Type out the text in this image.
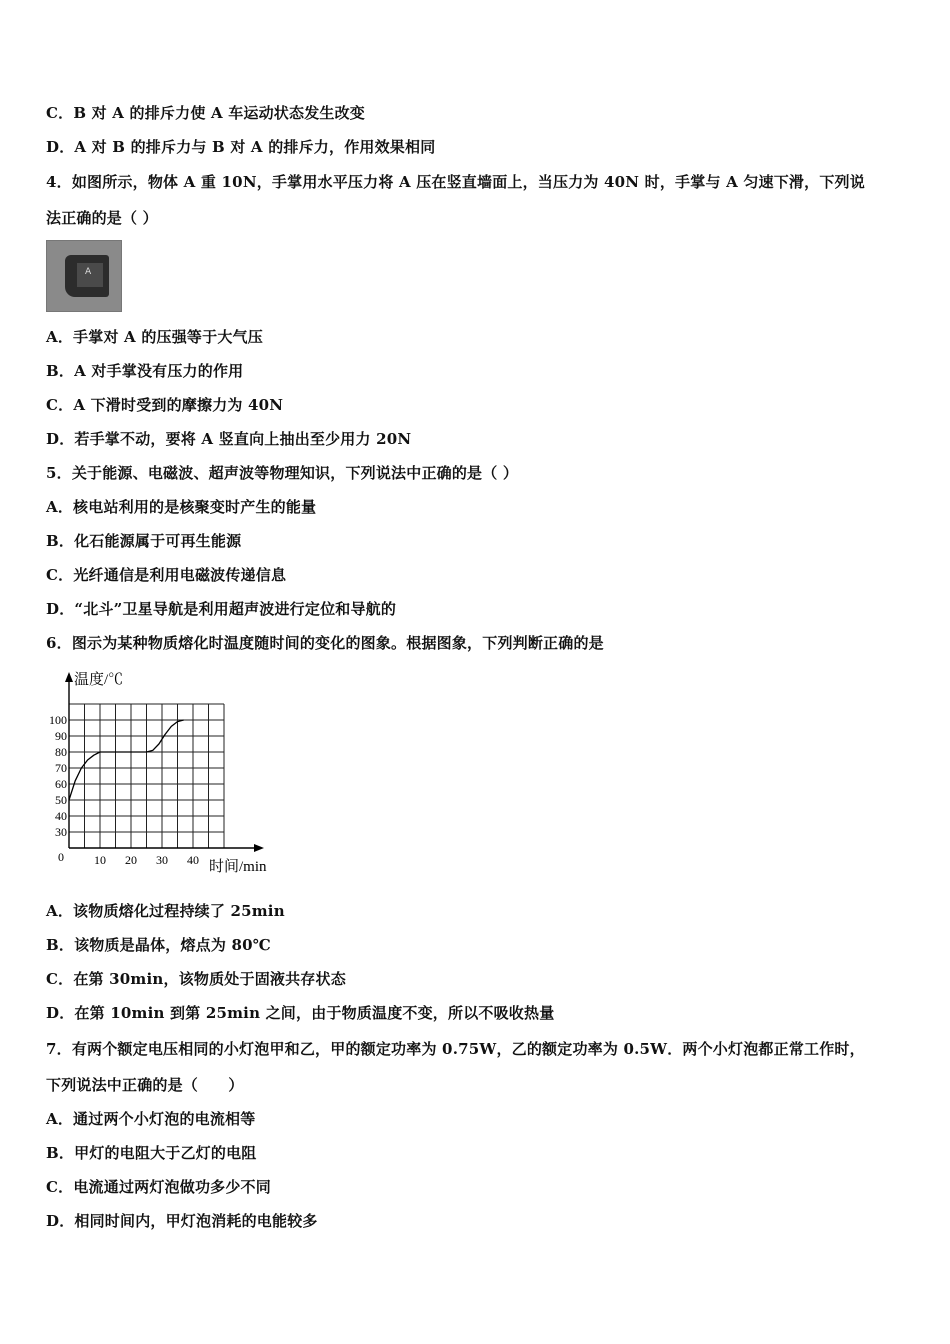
C．B 对 A 的排斥力使 A 车运动状态发生改变
D．A 对 B 的排斥力与 B 对 A 的排斥力，作用效果相同
4．如图所示，物体 A 重 10N，手掌用水平压力将 A 压在竖直墙面上，当压力为 40N 时，手掌与 A 匀速下滑，下列说
法正确的是（ ）
A
A．手掌对 A 的压强等于大气压
B．A 对手掌没有压力的作用
C．A 下滑时受到的摩擦力为 40N
D．若手掌不动，要将 A 竖直向上抽出至少用力 20N
5．关于能源、电磁波、超声波等物理知识，下列说法中正确的是（ ）
A．核电站利用的是核聚变时产生的能量
B．化石能源属于可再生能源
C．光纤通信是利用电磁波传递信息
D．“北斗”卫星导航是利用超声波进行定位和导航的
6．图示为某种物质熔化时温度随时间的变化的图象。根据图象，下列判断正确的是
10 20 30 40
30
40
50
60
70
80
90
100
温度/℃
时间/min
0
A．该物质熔化过程持续了 25min
B．该物质是晶体，熔点为 80℃
C．在第 30min，该物质处于固液共存状态
D．在第 10min 到第 25min 之间，由于物质温度不变，所以不吸收热量
7．有两个额定电压相同的小灯泡甲和乙，甲的额定功率为 0.75W，乙的额定功率为 0.5W．两个小灯泡都正常工作时，
下列说法中正确的是（　　）
A．通过两个小灯泡的电流相等
B．甲灯的电阻大于乙灯的电阻
C．电流通过两灯泡做功多少不同
D．相同时间内，甲灯泡消耗的电能较多
